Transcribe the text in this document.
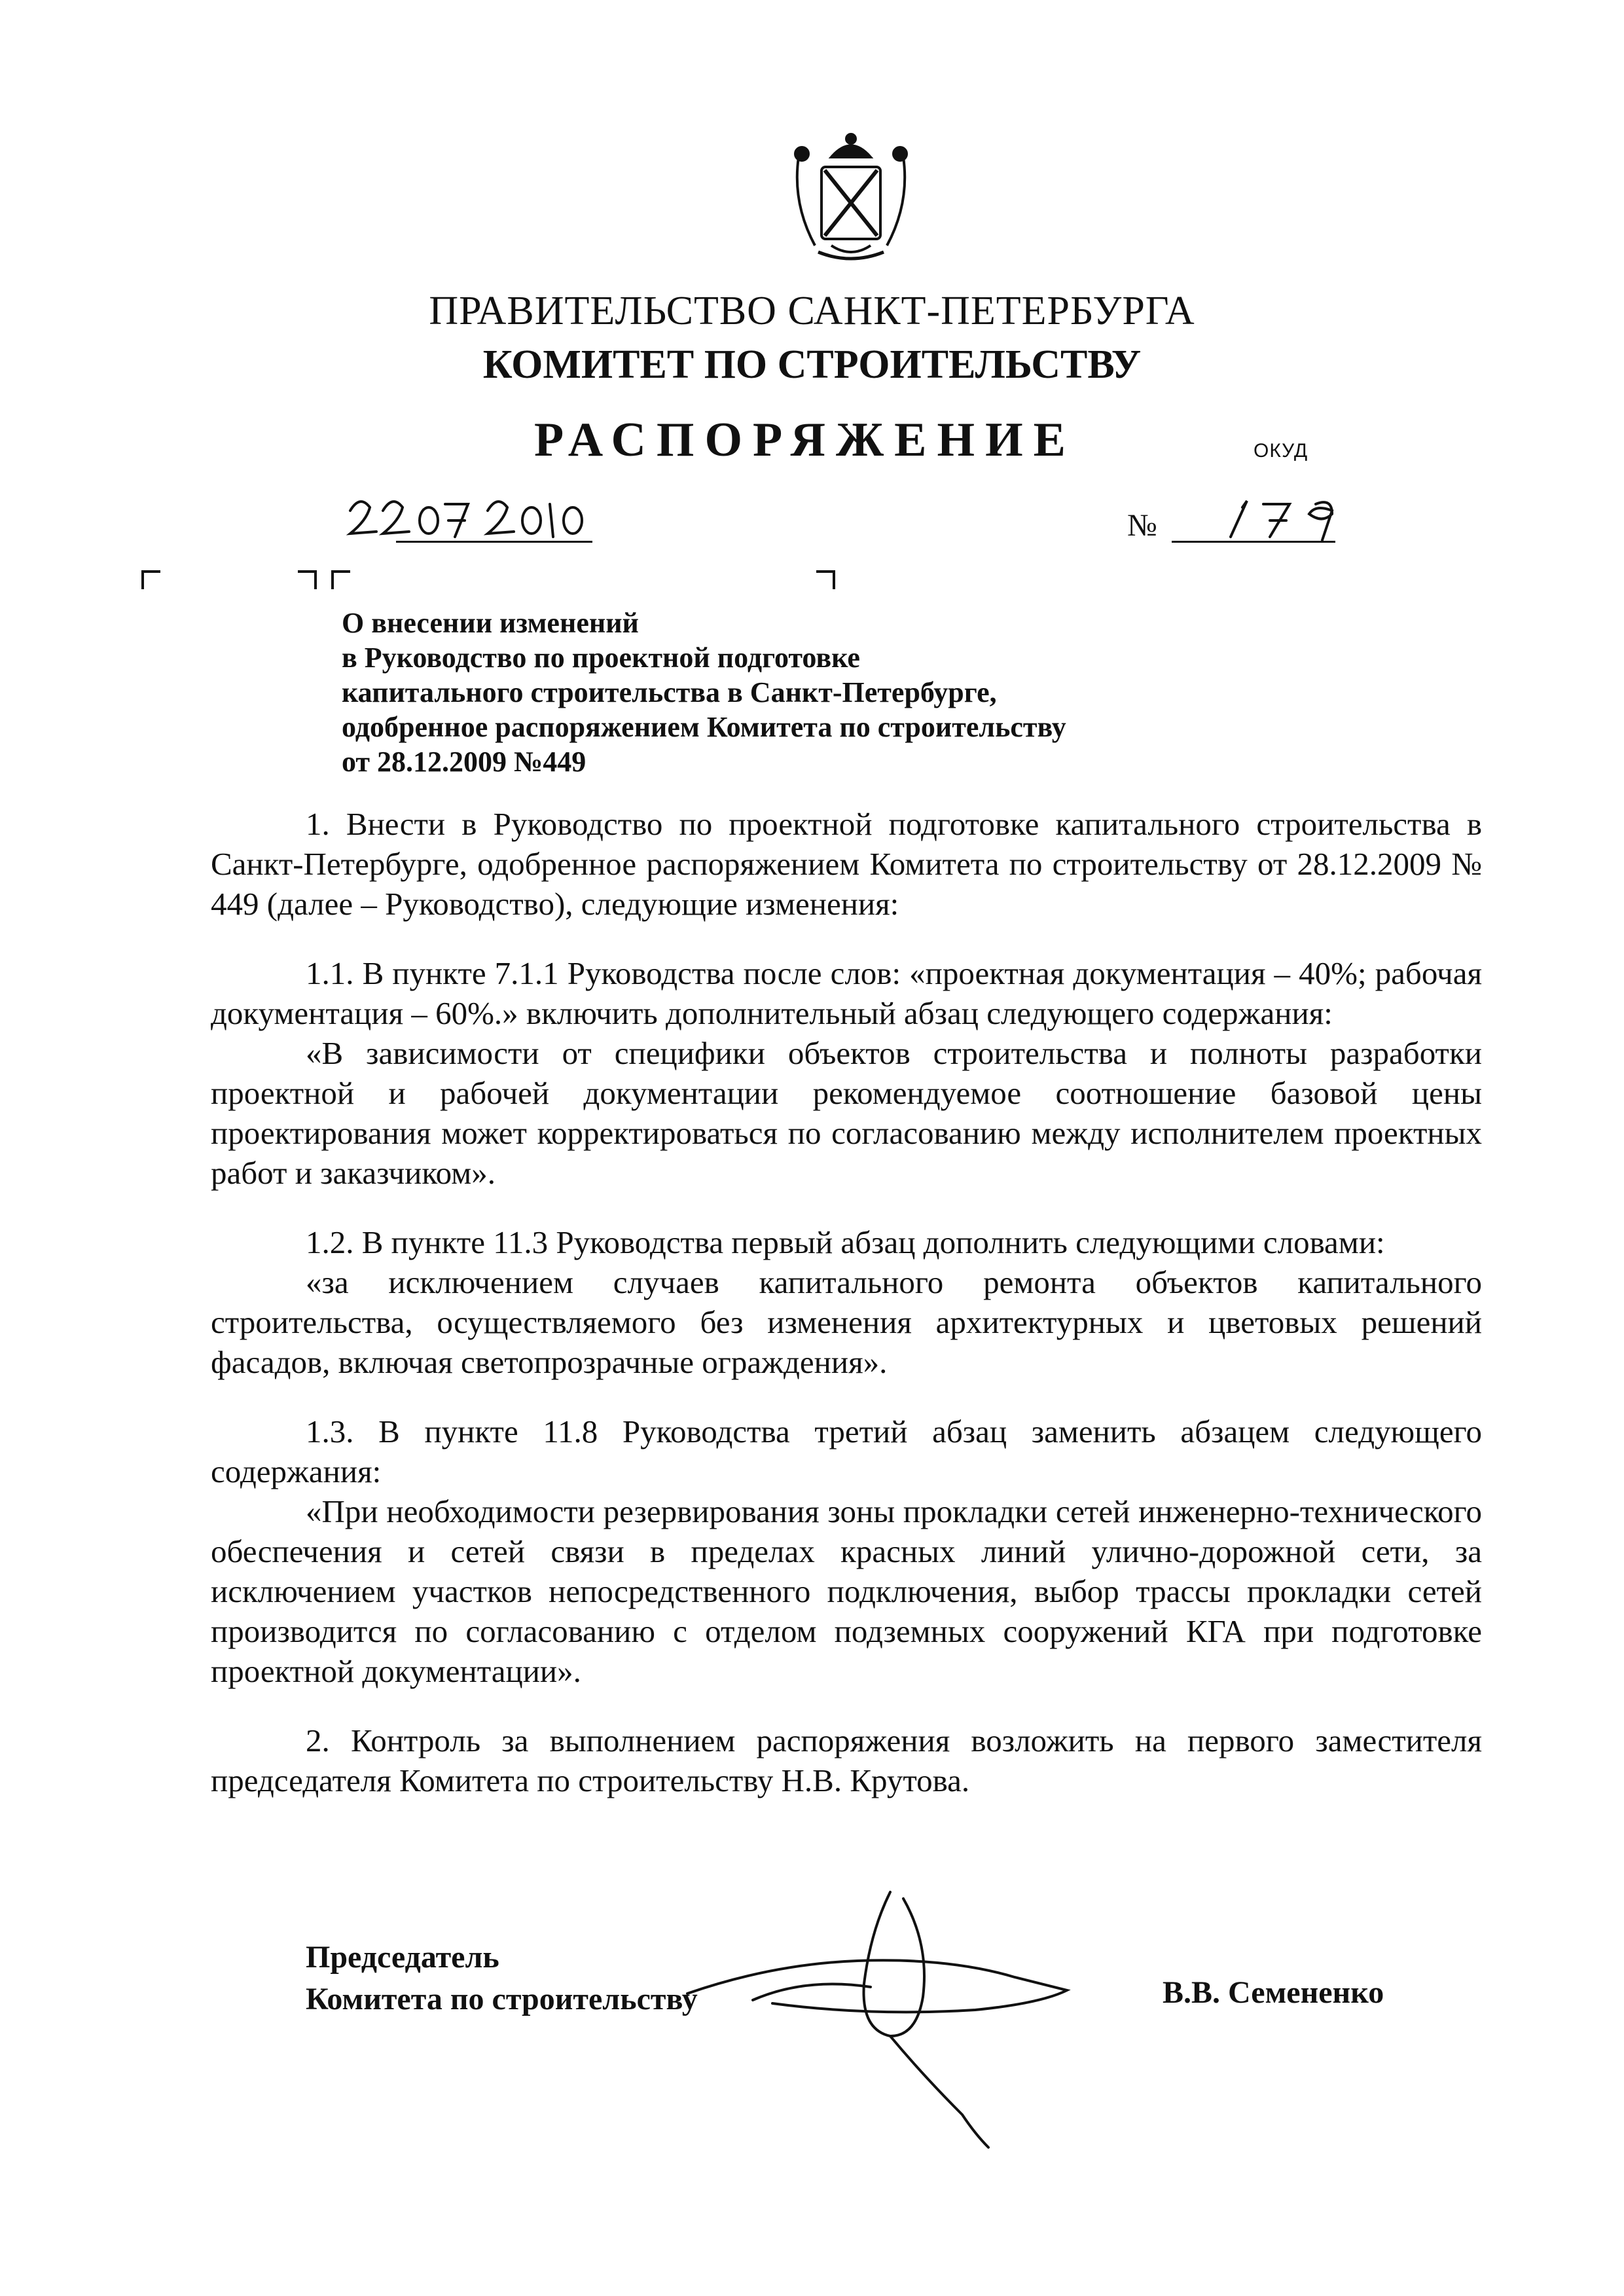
ПРАВИТЕЛЬСТВО САНКТ-ПЕТЕРБУРГА
КОМИТЕТ ПО СТРОИТЕЛЬСТВУ
РАСПОРЯЖЕНИЕ	ОКУД
№
О внесении изменений
в Руководство по проектной подготовке
капитального строительства в Санкт-Петербурге,
одобренное распоряжением Комитета по строительству
от 28.12.2009 №449

1. Внести в Руководство по проектной подготовке капитального строительства в Санкт-Петербурге, одобренное распоряжением Комитета по строительству от 28.12.2009 № 449 (далее – Руководство), следующие изменения:

1.1. В пункте 7.1.1 Руководства после слов: «проектная документация – 40%; рабочая документация – 60%.» включить дополнительный абзац следующего содержания:

«В зависимости от специфики объектов строительства и полноты разработки проектной и рабочей документации рекомендуемое соотношение базовой цены проектирования может корректироваться по согласованию между исполнителем проектных работ и заказчиком».

1.2. В пункте 11.3 Руководства первый абзац дополнить следующими словами:

«за исключением случаев капитального ремонта объектов капитального строительства, осуществляемого без изменения архитектурных и цветовых решений фасадов, включая светопрозрачные ограждения».

1.3. В пункте 11.8 Руководства третий абзац заменить абзацем следующего содержания:

«При необходимости резервирования зоны прокладки сетей инженерно-технического обеспечения и сетей связи в пределах красных линий улично-дорожной сети, за исключением участков непосредственного подключения, выбор трассы прокладки сетей производится по согласованию с отделом подземных сооружений КГА при подготовке проектной документации».

2. Контроль за выполнением распоряжения возложить на первого заместителя председателя Комитета по строительству Н.В. Крутова.

Председатель
Комитета по строительству	В.В. Семененко
